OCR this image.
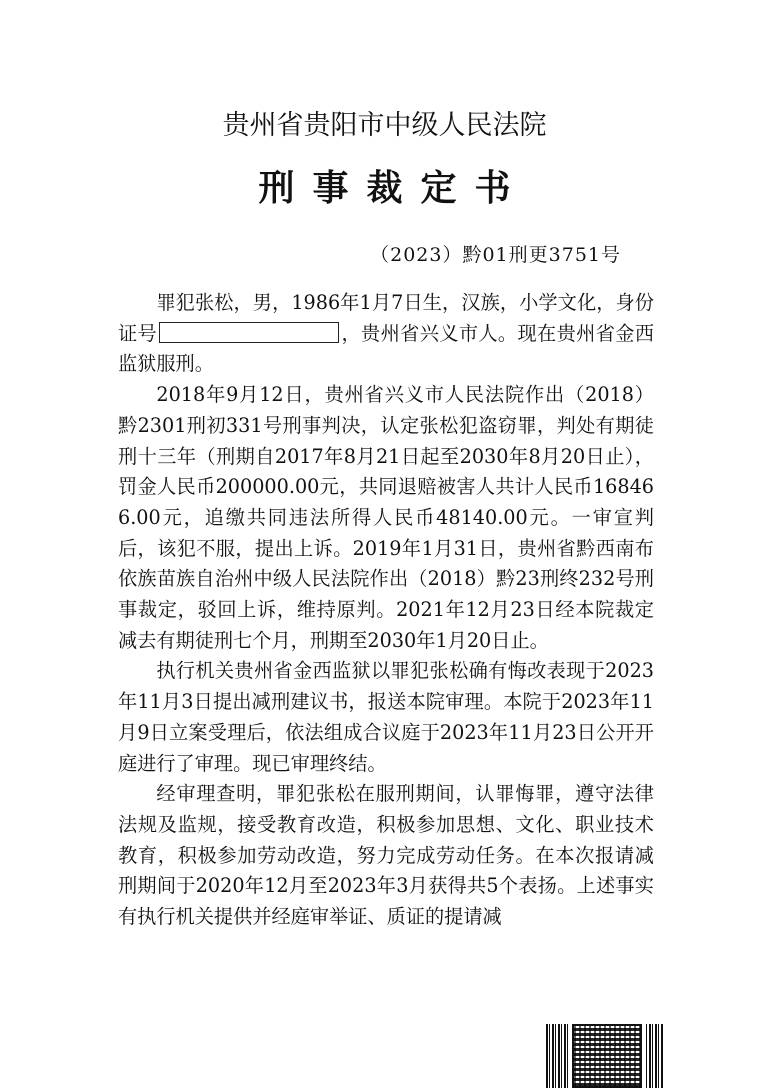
贵州省贵阳市中级人民法院
刑事裁定书
（2023）黔01刑更3751号

罪犯张松，男，1986年1月7日生，汉族，小学文化，身份证号	，贵州省兴义市人。现在贵州省金西监狱服刑。

2018年9月12日，贵州省兴义市人民法院作出（2018）黔2301刑初331号刑事判决，认定张松犯盗窃罪，判处有期徒刑十三年（刑期自2017年8月21日起至2030年8月20日止），罚金人民币200000.00元，共同退赔被害人共计人民币168466.00元，追缴共同违法所得人民币48140.00元。一审宣判后，该犯不服，提出上诉。2019年1月31日，贵州省黔西南布依族苗族自治州中级人民法院作出（2018）黔23刑终232号刑事裁定，驳回上诉，维持原判。2021年12月23日经本院裁定减去有期徒刑七个月，刑期至2030年1月20日止。

执行机关贵州省金西监狱以罪犯张松确有悔改表现于2023年11月3日提出减刑建议书，报送本院审理。本院于2023年11月9日立案受理后，依法组成合议庭于2023年11月23日公开开庭进行了审理。现已审理终结。

经审理查明，罪犯张松在服刑期间，认罪悔罪，遵守法律法规及监规，接受教育改造，积极参加思想、文化、职业技术教育，积极参加劳动改造，努力完成劳动任务。在本次报请减刑期间于2020年12月至2023年3月获得共5个表扬。上述事实有执行机关提供并经庭审举证、质证的提请减
